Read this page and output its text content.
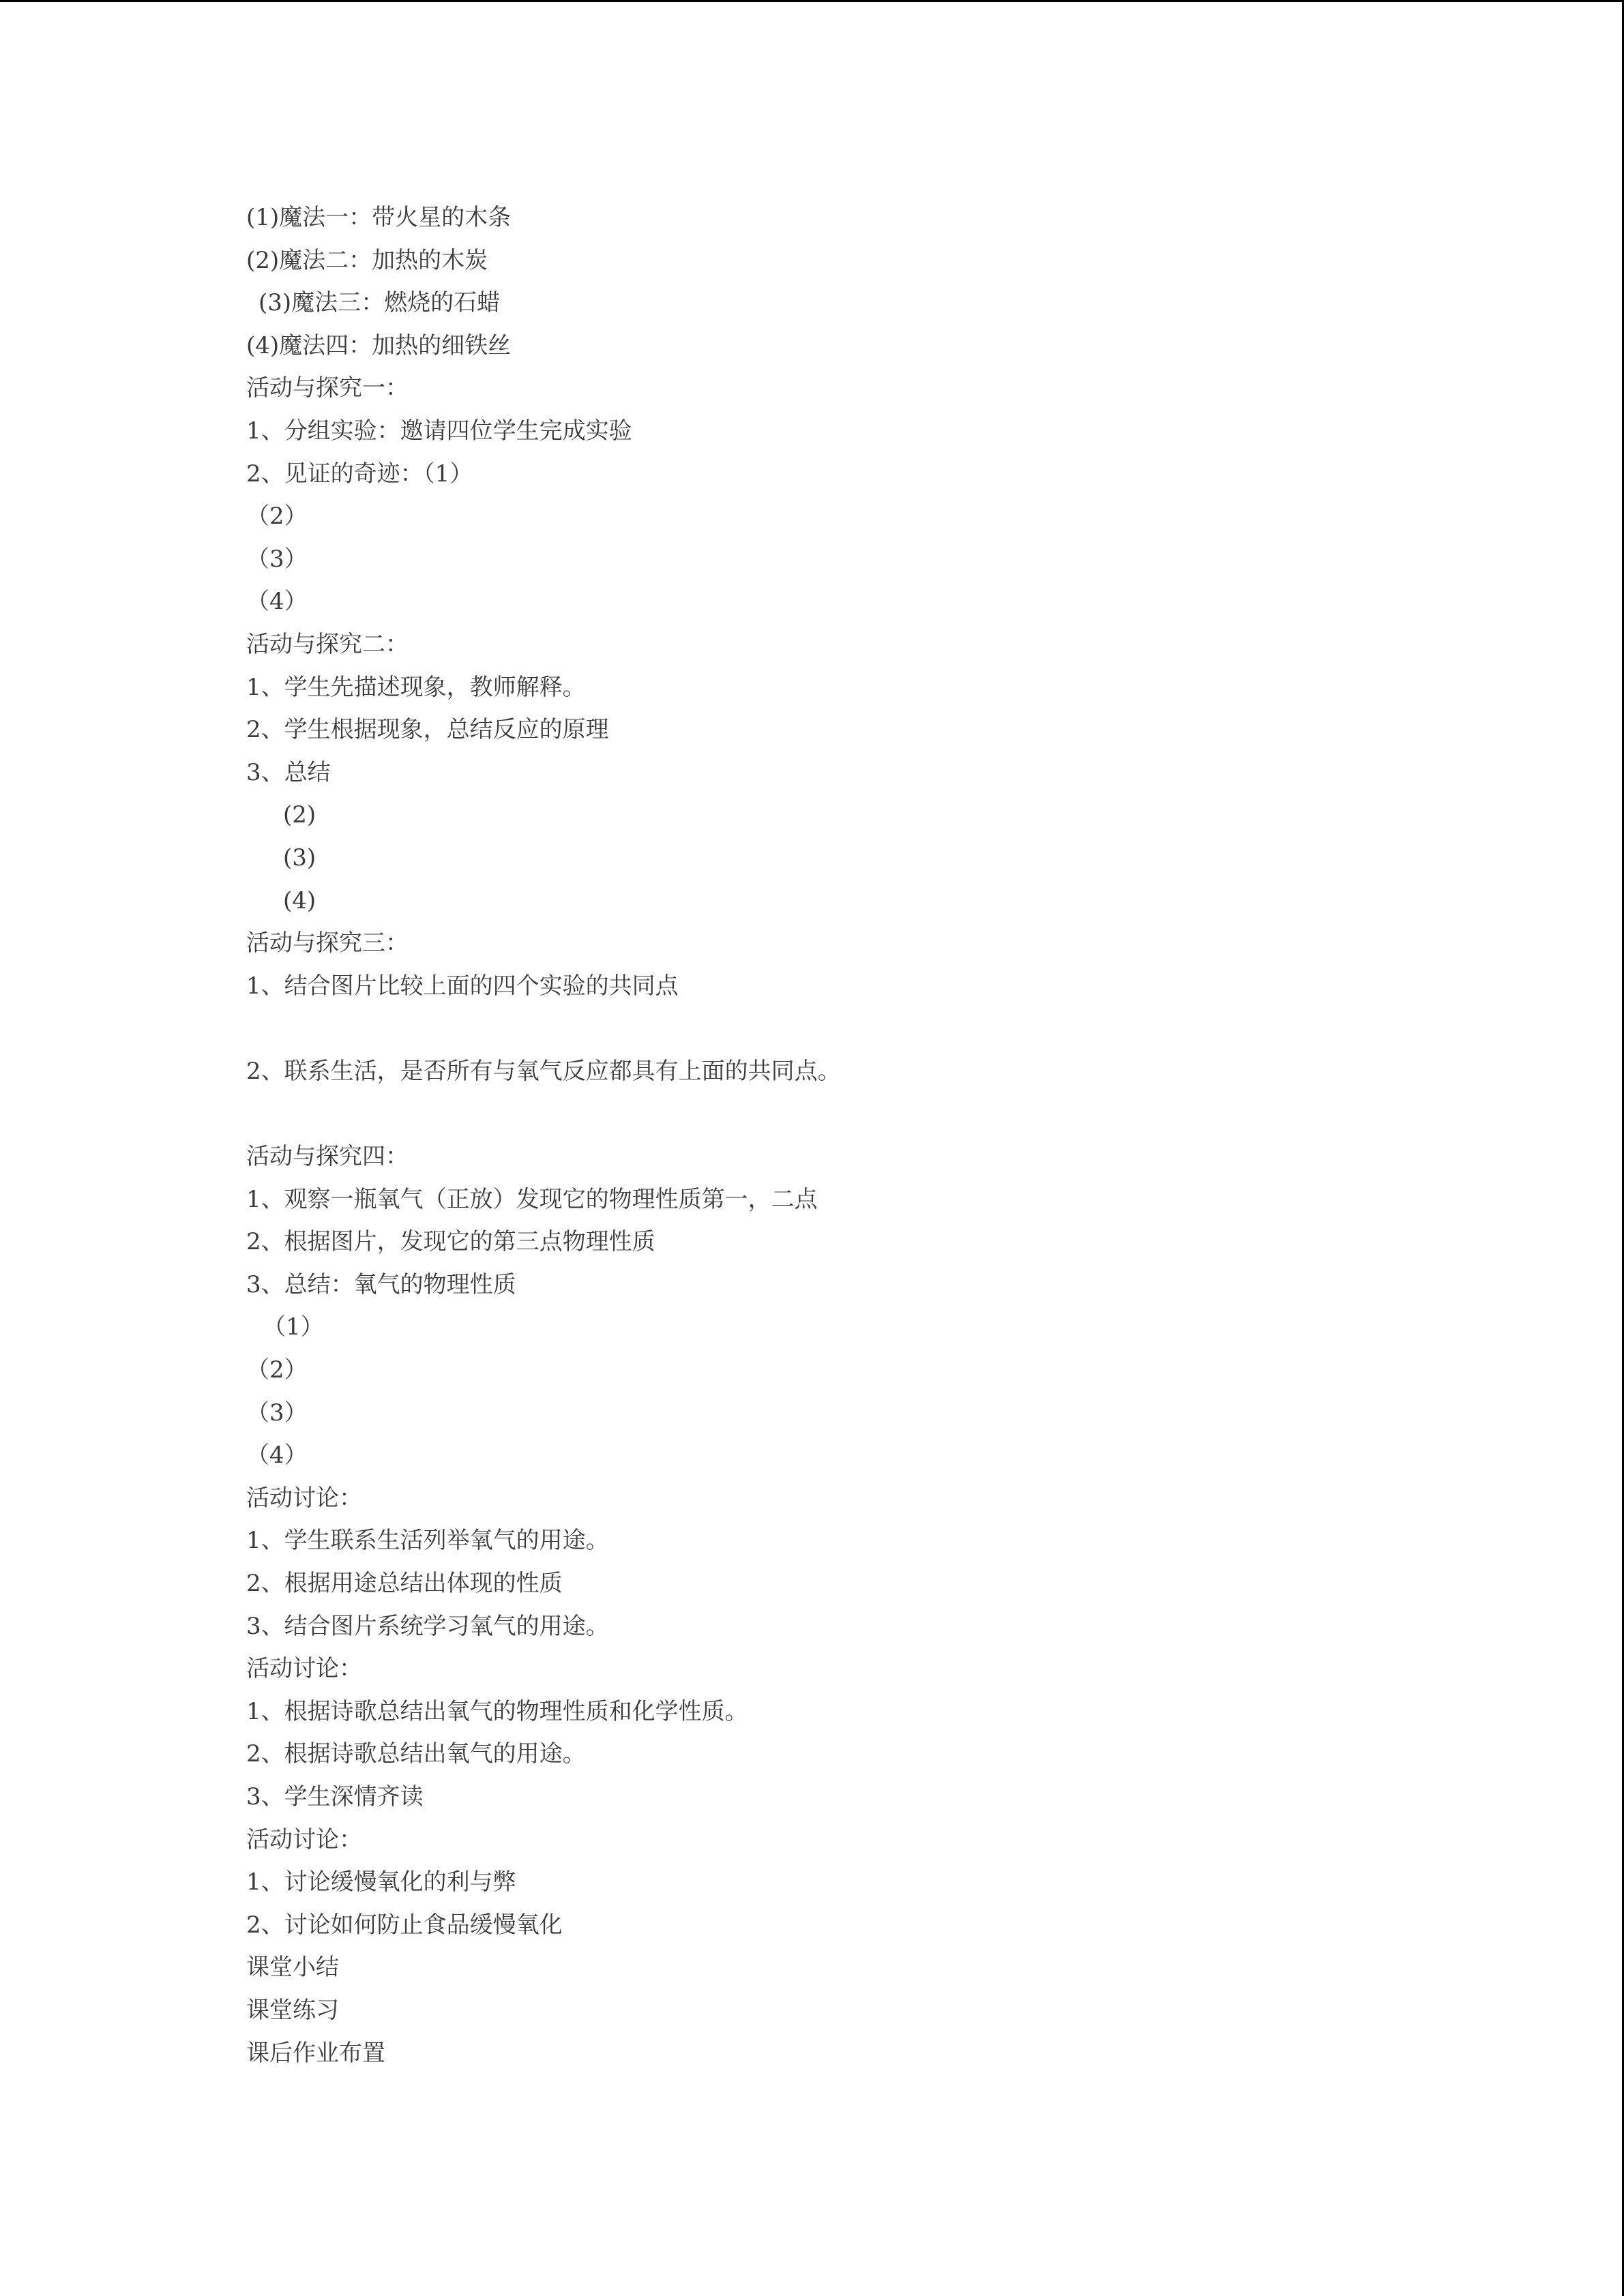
(1)魔法一：带火星的木条
(2)魔法二：加热的木炭
(3)魔法三：燃烧的石蜡
(4)魔法四：加热的细铁丝
活动与探究一：
1、分组实验：邀请四位学生完成实验
2、见证的奇迹：（1）
（2）
（3）
（4）
活动与探究二：
1、学生先描述现象，教师解释。
2、学生根据现象，总结反应的原理
3、总结
(2)
(3)
(4)
活动与探究三：
1、结合图片比较上面的四个实验的共同点
2、联系生活，是否所有与氧气反应都具有上面的共同点。
活动与探究四：
1、观察一瓶氧气（正放）发现它的物理性质第一，二点
2、根据图片，发现它的第三点物理性质
3、总结：氧气的物理性质
（1）
（2）
（3）
（4）
活动讨论：
1、学生联系生活列举氧气的用途。
2、根据用途总结出体现的性质
3、结合图片系统学习氧气的用途。
活动讨论：
1、根据诗歌总结出氧气的物理性质和化学性质。
2、根据诗歌总结出氧气的用途。
3、学生深情齐读
活动讨论：
1、讨论缓慢氧化的利与弊
2、讨论如何防止食品缓慢氧化
课堂小结
课堂练习
课后作业布置
